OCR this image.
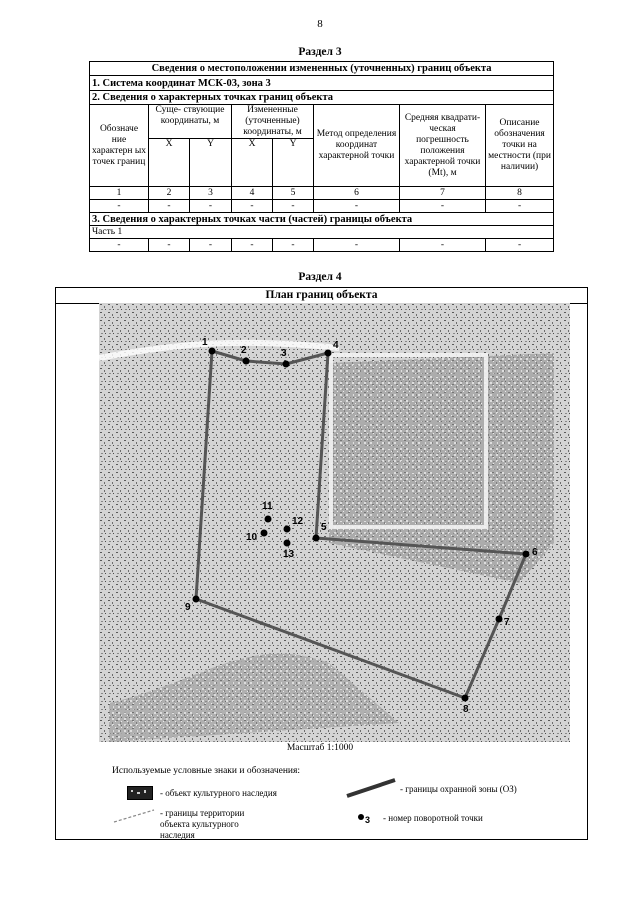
8
Раздел 3
Сведения о местоположении измененных (уточненных) границ объекта							
1. Система координат МСК-03, зона 3							
2. Сведения о характерных точках границ объекта							
Обозначе ние характерн ых точек границ	Суще- ствующие координаты, м		Измененные (уточненные) координаты, м		Метод определения координат характерной точки	Средняя квадрати- ческая погрешность положения характерной точки (Mt), м	Описание обозначения точки на местности (при наличии)
	X	Y	X	Y			
1	2	3	4	5	6	7	8
-	-	-	-	-	-	-	-
3. Сведения о характерных точках части (частей) границы объекта							
Часть 1							
-	-	-	-	-	-	-	-
Раздел 4
План границ объекта
1
2	3
4
5
6
7
8
9
10
11
12
13
Масштаб 1:1000
Используемые условные знаки и обозначения:
- объект культурного наследия
- границы территории объекта культурного наследия
- границы охранной зоны (ОЗ)
3 - номер поворотной точки
